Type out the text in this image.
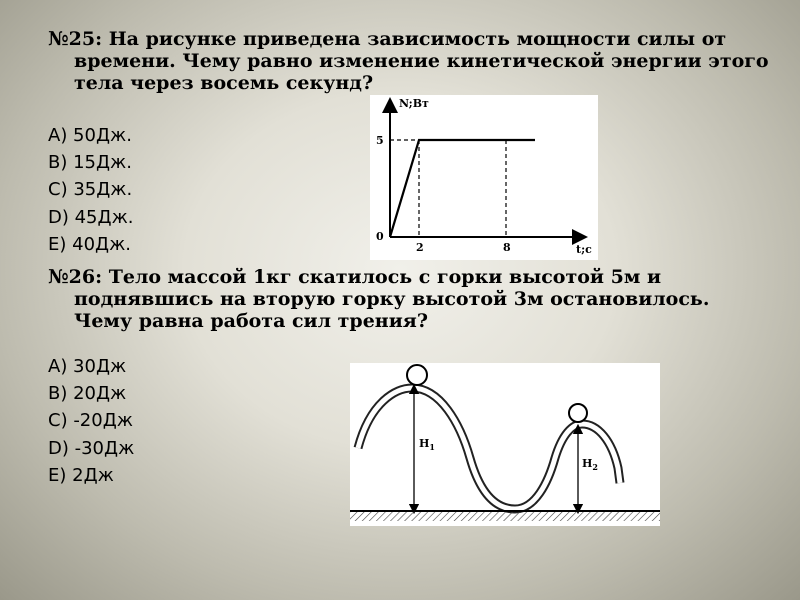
№25: На рисунке приведена зависимость мощности силы от
времени. Чему равно изменение кинетической энергии этого
тела через восемь секунд?
A) 50Дж.
B) 15Дж.
C) 35Дж.
D) 45Дж.
E) 40Дж.
N;Вт
t;c
0
5
2	8
№26: Тело массой 1кг скатилось с горки высотой 5м и
поднявшись на вторую горку высотой 3м остановилось.
Чему равна работа сил трения?
A) 30Дж
B) 20Дж
C) -20Дж
D) -30Дж
E) 2Дж
$H_1$
$H_2$
